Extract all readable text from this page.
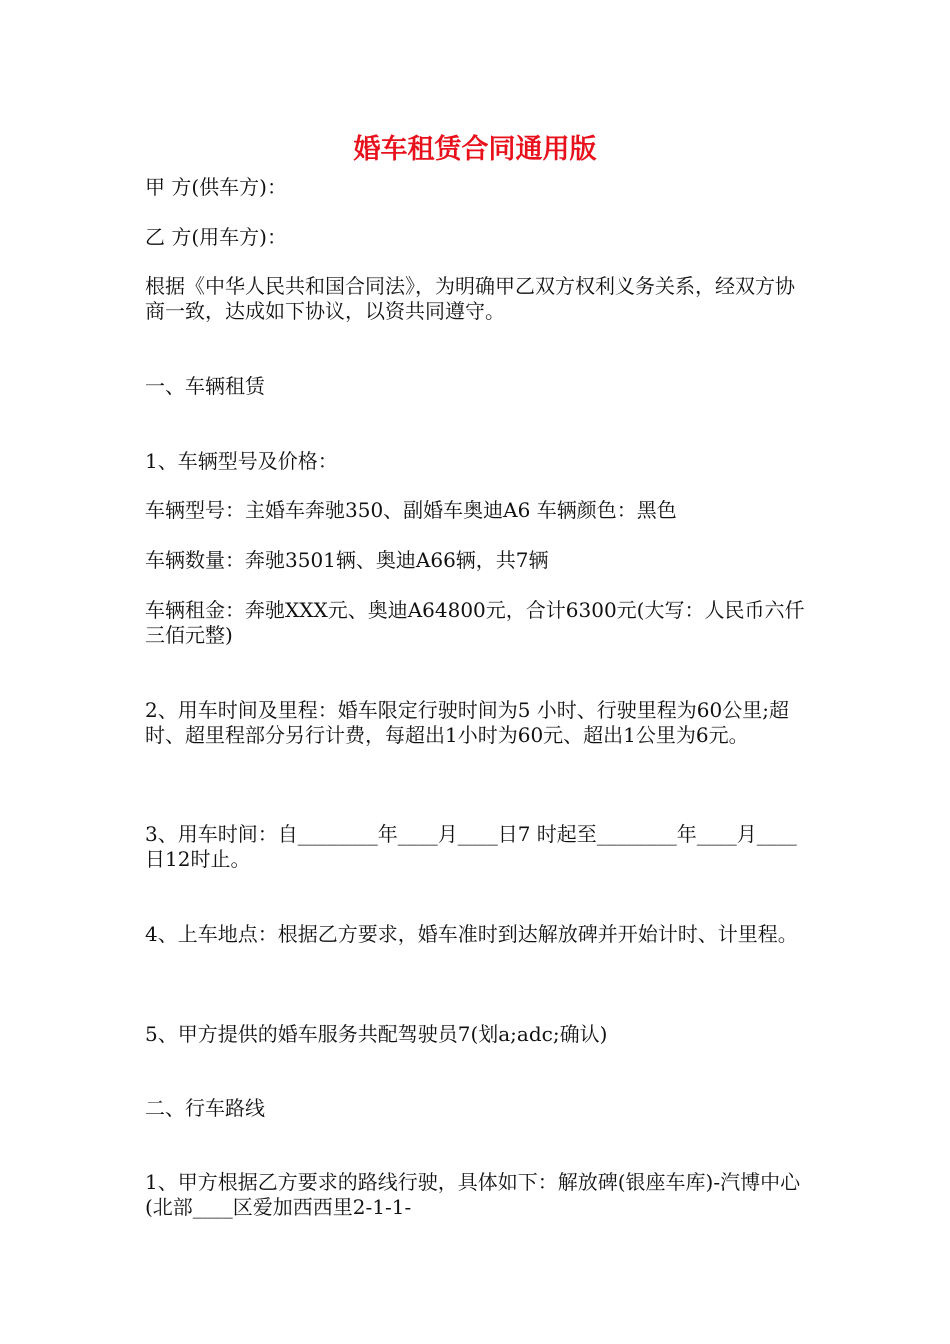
婚车租赁合同通用版
甲 方(供车方)：
乙 方(用车方)：
根据《中华人民共和国合同法》，为明确甲乙双方权利义务关系，经双方协商一致，达成如下协议，以资共同遵守。
一、车辆租赁
1、车辆型号及价格：
车辆型号：主婚车奔驰350、副婚车奥迪A6 车辆颜色：黑色
车辆数量：奔驰3501辆、奥迪A66辆，共7辆
车辆租金：奔驰XXX元、奥迪A64800元，合计6300元(大写：人民币六仟三佰元整)
2、用车时间及里程：婚车限定行驶时间为5 小时、行驶里程为60公里;超时、超里程部分另行计费，每超出1小时为60元、超出1公里为6元。
3、用车时间：自________年____月____日7 时起至________年____月____日12时止。
4、上车地点：根据乙方要求，婚车准时到达解放碑并开始计时、计里程。
5、甲方提供的婚车服务共配驾驶员7(划a;adc;确认)
二、行车路线
1、甲方根据乙方要求的路线行驶，具体如下：解放碑(银座车库)-汽博中心(北部____区爱加西西里2-1-1-
